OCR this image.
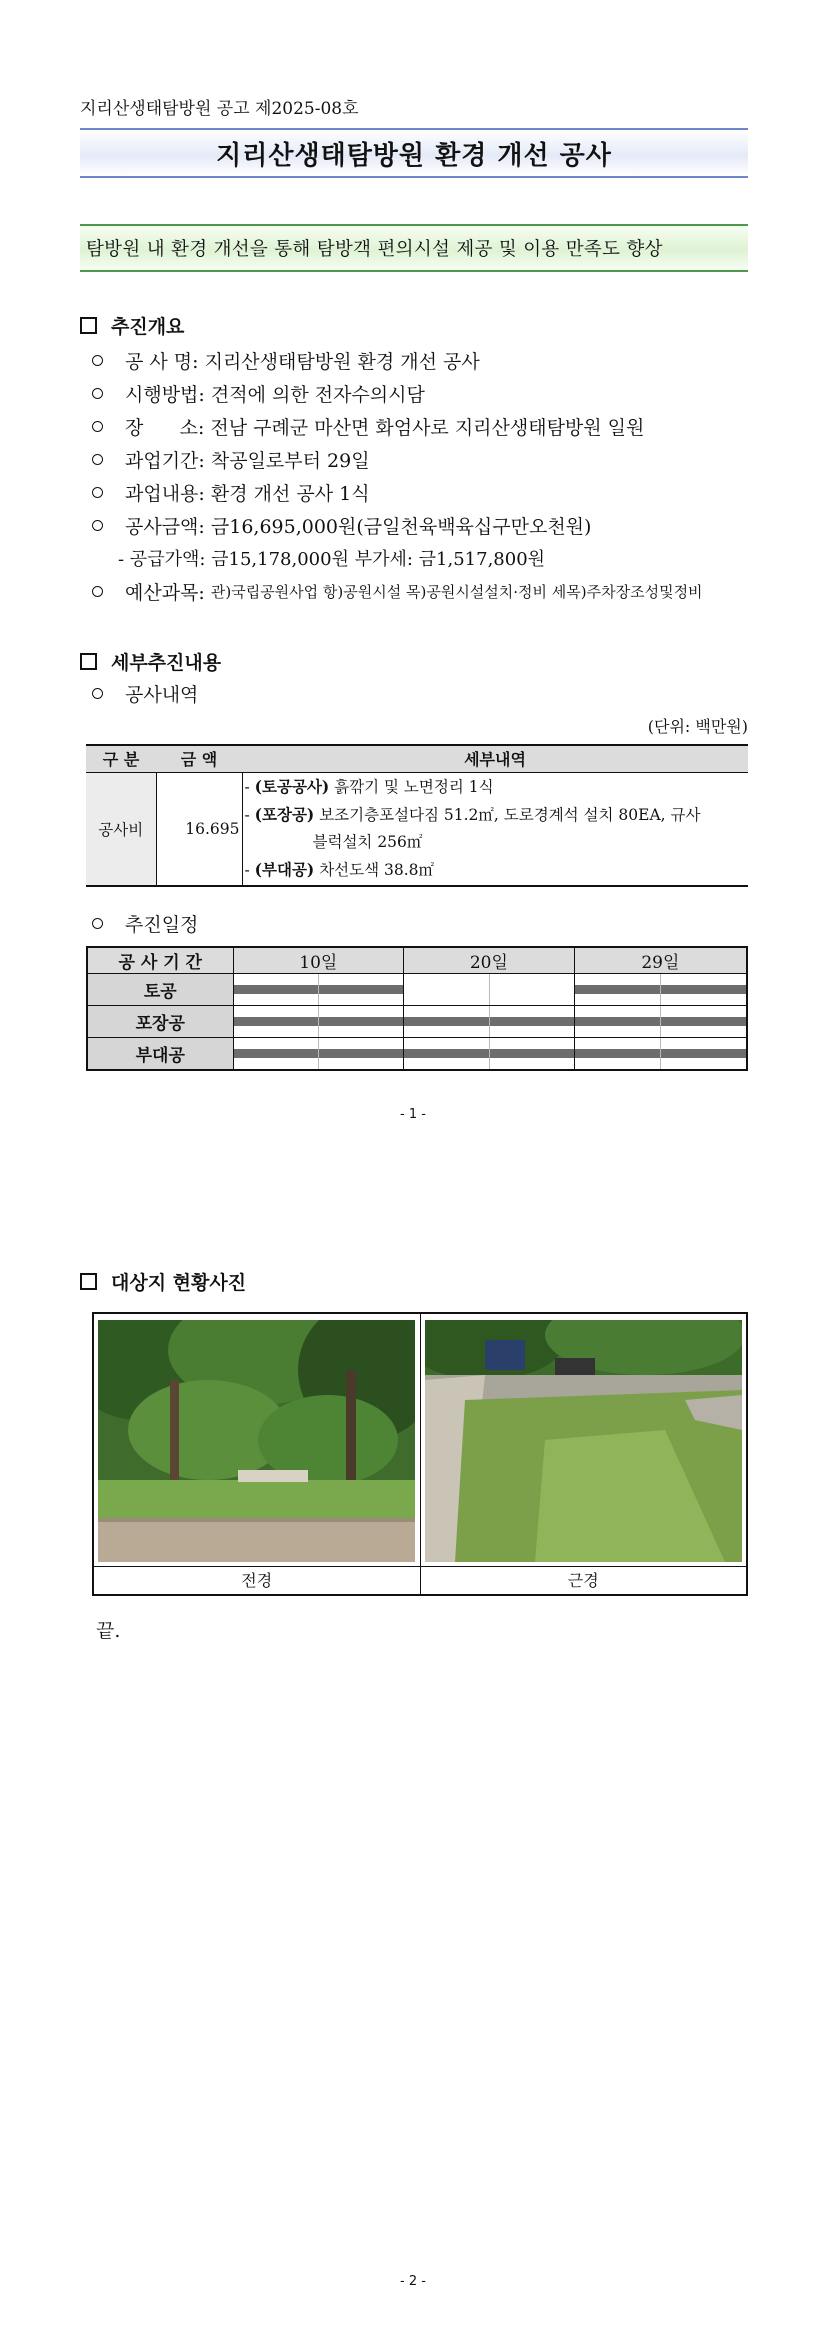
지리산생태탐방원 공고 제2025-08호
지리산생태탐방원 환경 개선 공사
탐방원 내 환경 개선을 통해 탐방객 편의시설 제공 및 이용 만족도 향상
추진개요
공 사 명:
지리산생태탐방원 환경 개선 공사
시행방법:
견적에 의한 전자수의시담
장      소:
전남 구례군 마산면 화엄사로 지리산생태탐방원 일원
과업기간:
착공일로부터 29일
과업내용:
환경 개선 공사 1식
공사금액:
금16,695,000원(금일천육백육십구만오천원)
- 공급가액: 금15,178,000원 부가세: 금1,517,800원
예산과목:
관)국립공원사업 항)공원시설 목)공원시설설치·정비 세목)주차장조성및정비
세부추진내용
공사내역
(단위: 백만원)
구 분	금 액	세부내역
공사비	16.695	- (토공공사) 흙깎기 및 노면정리 1식
- (포장공) 보조기층포설다짐 51.2㎡, 도로경계석 설치 80EA, 규사
블럭설치 256㎡
- (부대공) 차선도색 38.8㎡
추진일정
공 사 기 간	10일	20일	29일
토공	

포장공	

부대공	

- 1 -
대상지 현황사진
전경	근경
끝.
- 2 -
